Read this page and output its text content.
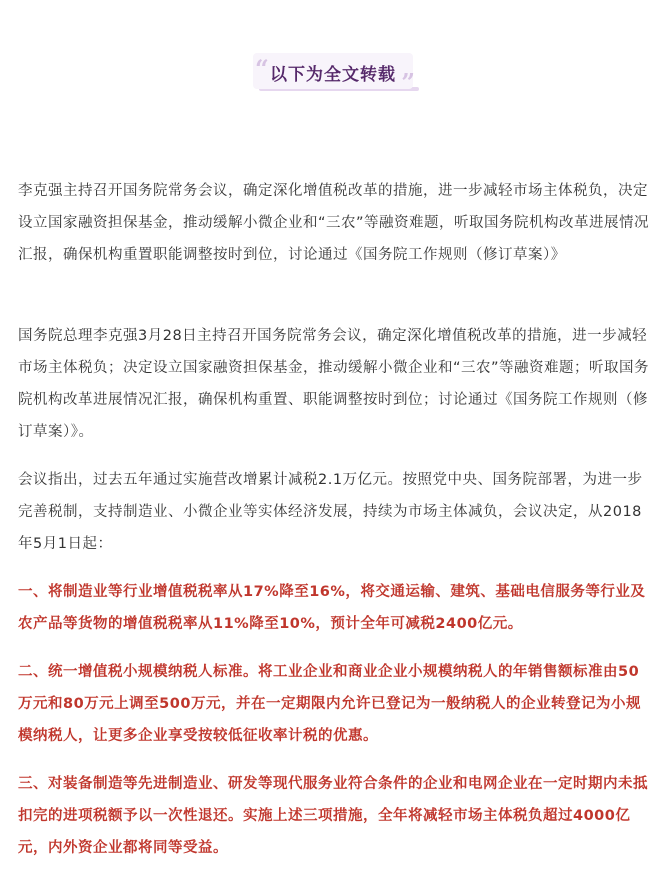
“	”
以下为全文转载

李克强主持召开国务院常务会议，确定深化增值税改革的措施，进一步减轻市场主体税负，决定设立国家融资担保基金，推动缓解小微企业和“三农”等融资难题，听取国务院机构改革进展情况汇报，确保机构重置职能调整按时到位，讨论通过《国务院工作规则（修订草案）》

国务院总理李克强3月28日主持召开国务院常务会议，确定深化增值税改革的措施，进一步减轻市场主体税负；决定设立国家融资担保基金，推动缓解小微企业和“三农”等融资难题；听取国务院机构改革进展情况汇报，确保机构重置、职能调整按时到位；讨论通过《国务院工作规则（修订草案）》。

会议指出，过去五年通过实施营改增累计减税2.1万亿元。按照党中央、国务院部署，为进一步完善税制，支持制造业、小微企业等实体经济发展，持续为市场主体减负，会议决定，从2018年5月1日起：

一、将制造业等行业增值税税率从17%降至16%，将交通运输、建筑、基础电信服务等行业及农产品等货物的增值税税率从11%降至10%，预计全年可减税2400亿元。

二、统一增值税小规模纳税人标准。将工业企业和商业企业小规模纳税人的年销售额标准由50万元和80万元上调至500万元，并在一定期限内允许已登记为一般纳税人的企业转登记为小规模纳税人，让更多企业享受按较低征收率计税的优惠。

三、对装备制造等先进制造业、研发等现代服务业符合条件的企业和电网企业在一定时期内未抵扣完的进项税额予以一次性退还。实施上述三项措施，全年将减轻市场主体税负超过4000亿元，内外资企业都将同等受益。
